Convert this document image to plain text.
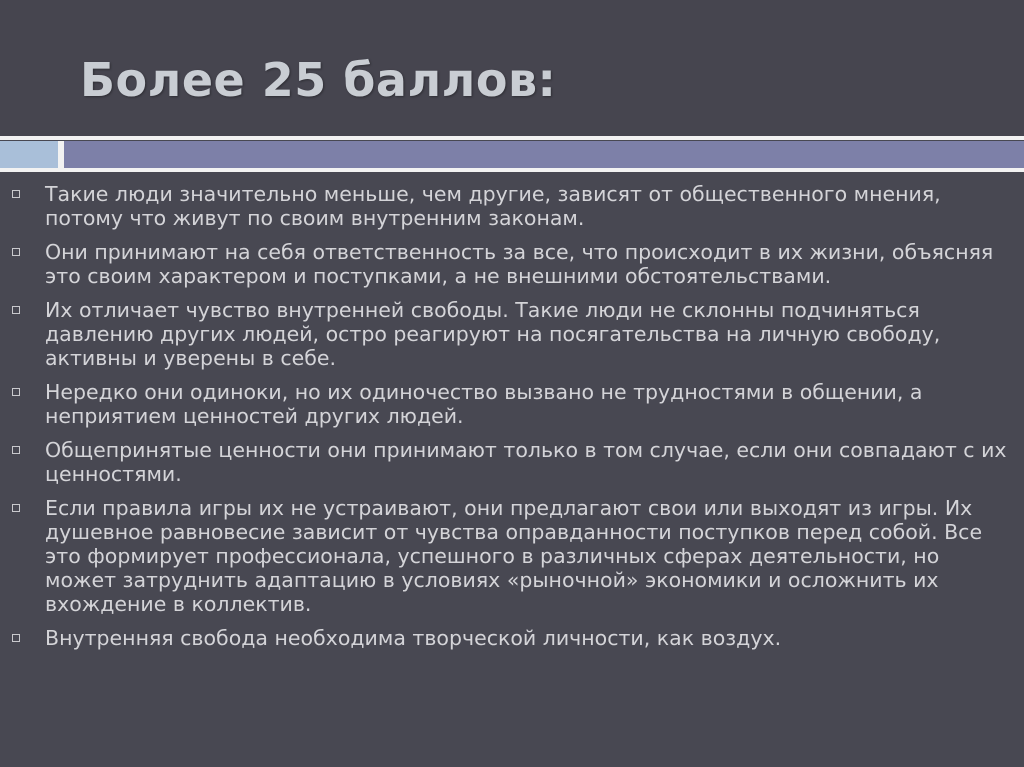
Более 25 баллов:
Такие люди значительно меньше, чем другие, зависят от общественного мнения, потому что живут по своим внутренним законам.
Они принимают на себя ответственность за все, что происходит в их жизни, объясняя это своим характером и поступками, а не внешними обстоятельствами.
Их отличает чувство внутренней свободы. Такие люди не склонны подчиняться давлению других людей, остро реагируют на посягательства на личную свободу, активны и уверены в себе.
Нередко они одиноки, но их одиночество вызвано не трудностями в общении, а неприятием ценностей других людей.
Общепринятые ценности они принимают только в том случае, если они совпадают с их ценностями.
Если правила игры их не устраивают, они предлагают свои или выходят из игры. Их душевное равновесие зависит от чувства оправданности поступков перед собой. Все это формирует профессионала, успешного в различных сферах деятельности, но может затруднить адаптацию в условиях «рыночной» экономики и осложнить их вхождение в коллектив.
Внутренняя свобода необходима творческой личности, как воздух.
